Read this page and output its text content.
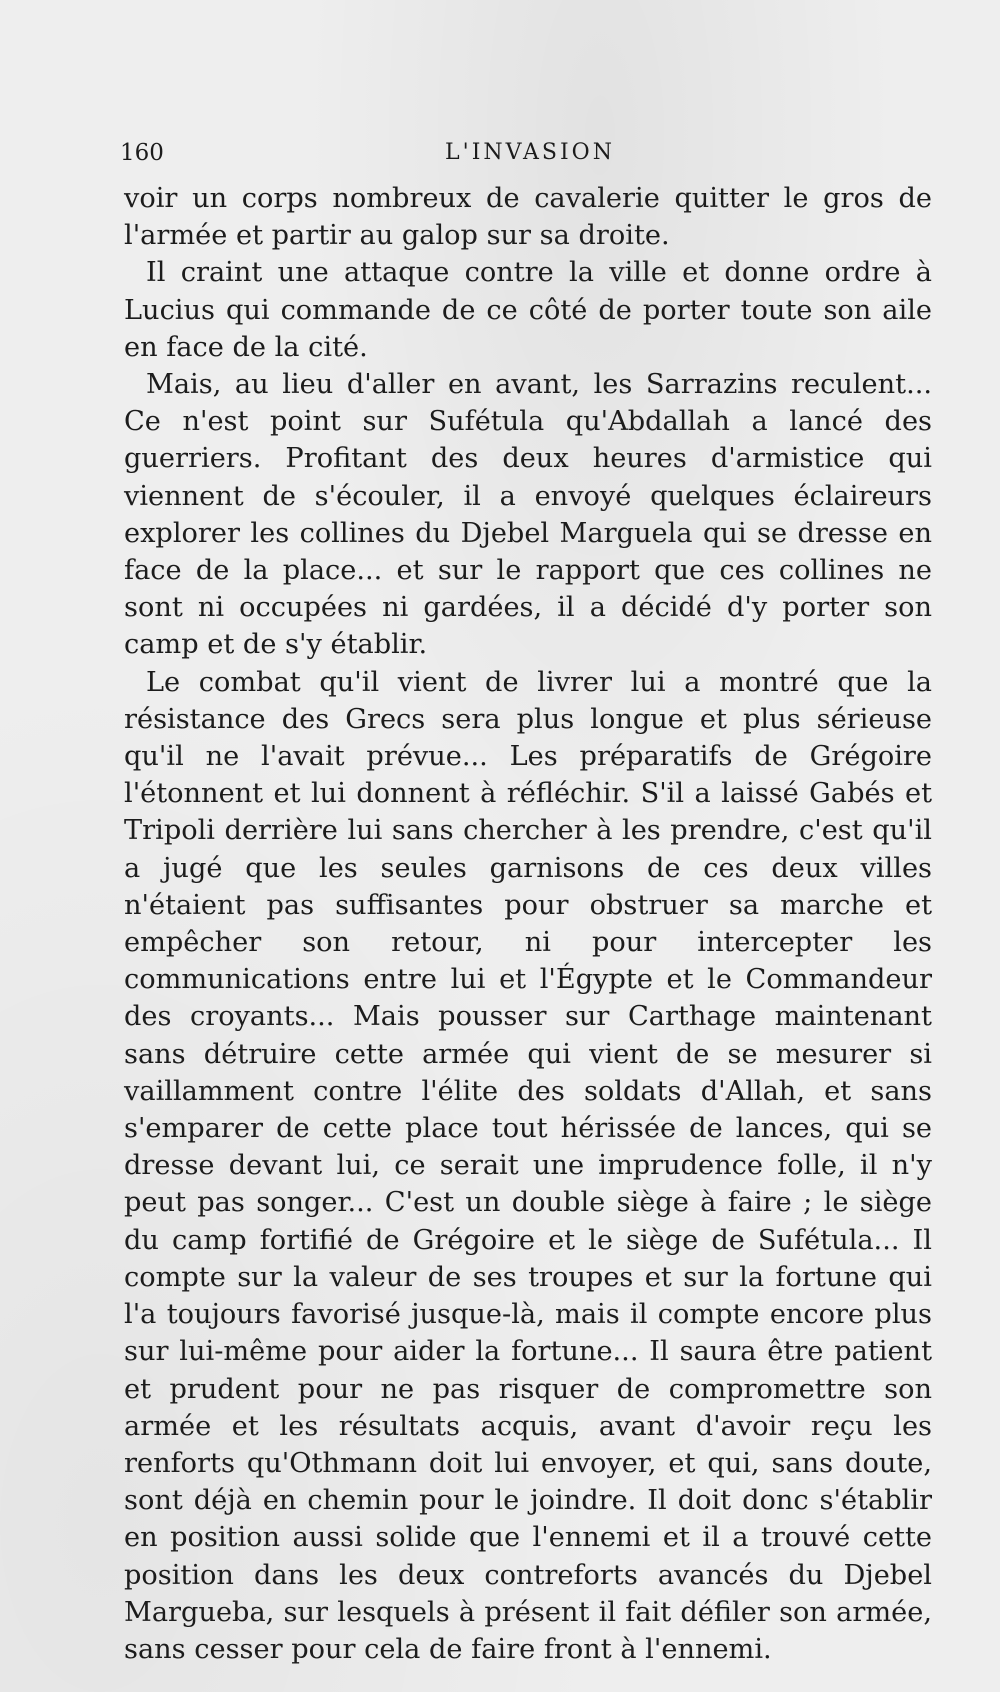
160	L'INVASION

voir un corps nombreux de cavalerie quitter le gros de l'armée et partir au galop sur sa droite.

Il craint une attaque contre la ville et donne ordre à Lucius qui commande de ce côté de porter toute son aile en face de la cité.

Mais, au lieu d'aller en avant, les Sarrazins reculent... Ce n'est point sur Sufétula qu'Abdallah a lancé des guerriers. Profitant des deux heures d'armistice qui viennent de s'écouler, il a envoyé quelques éclaireurs explorer les collines du Djebel Marguela qui se dresse en face de la place... et sur le rapport que ces collines ne sont ni occupées ni gardées, il a décidé d'y porter son camp et de s'y établir.

Le combat qu'il vient de livrer lui a montré que la résistance des Grecs sera plus longue et plus sérieuse qu'il ne l'avait prévue... Les préparatifs de Grégoire l'étonnent et lui donnent à réfléchir. S'il a laissé Gabés et Tripoli derrière lui sans chercher à les prendre, c'est qu'il a jugé que les seules garnisons de ces deux villes n'étaient pas suffisantes pour obstruer sa marche et empêcher son retour, ni pour intercepter les communications entre lui et l'Égypte et le Commandeur des croyants... Mais pousser sur Carthage maintenant sans détruire cette armée qui vient de se mesurer si vaillamment contre l'élite des soldats d'Allah, et sans s'emparer de cette place tout hérissée de lances, qui se dresse devant lui, ce serait une imprudence folle, il n'y peut pas songer... C'est un double siège à faire ; le siège du camp fortifié de Grégoire et le siège de Sufétula... Il compte sur la valeur de ses troupes et sur la fortune qui l'a toujours favorisé jusque-là, mais il compte encore plus sur lui-même pour aider la fortune... Il saura être patient et prudent pour ne pas risquer de compromettre son armée et les résultats acquis, avant d'avoir reçu les renforts qu'Othmann doit lui envoyer, et qui, sans doute, sont déjà en chemin pour le joindre. Il doit donc s'établir en position aussi solide que l'ennemi et il a trouvé cette position dans les deux contreforts avancés du Djebel Margueba, sur lesquels à présent il fait défiler son armée, sans cesser pour cela de faire front à l'ennemi.
